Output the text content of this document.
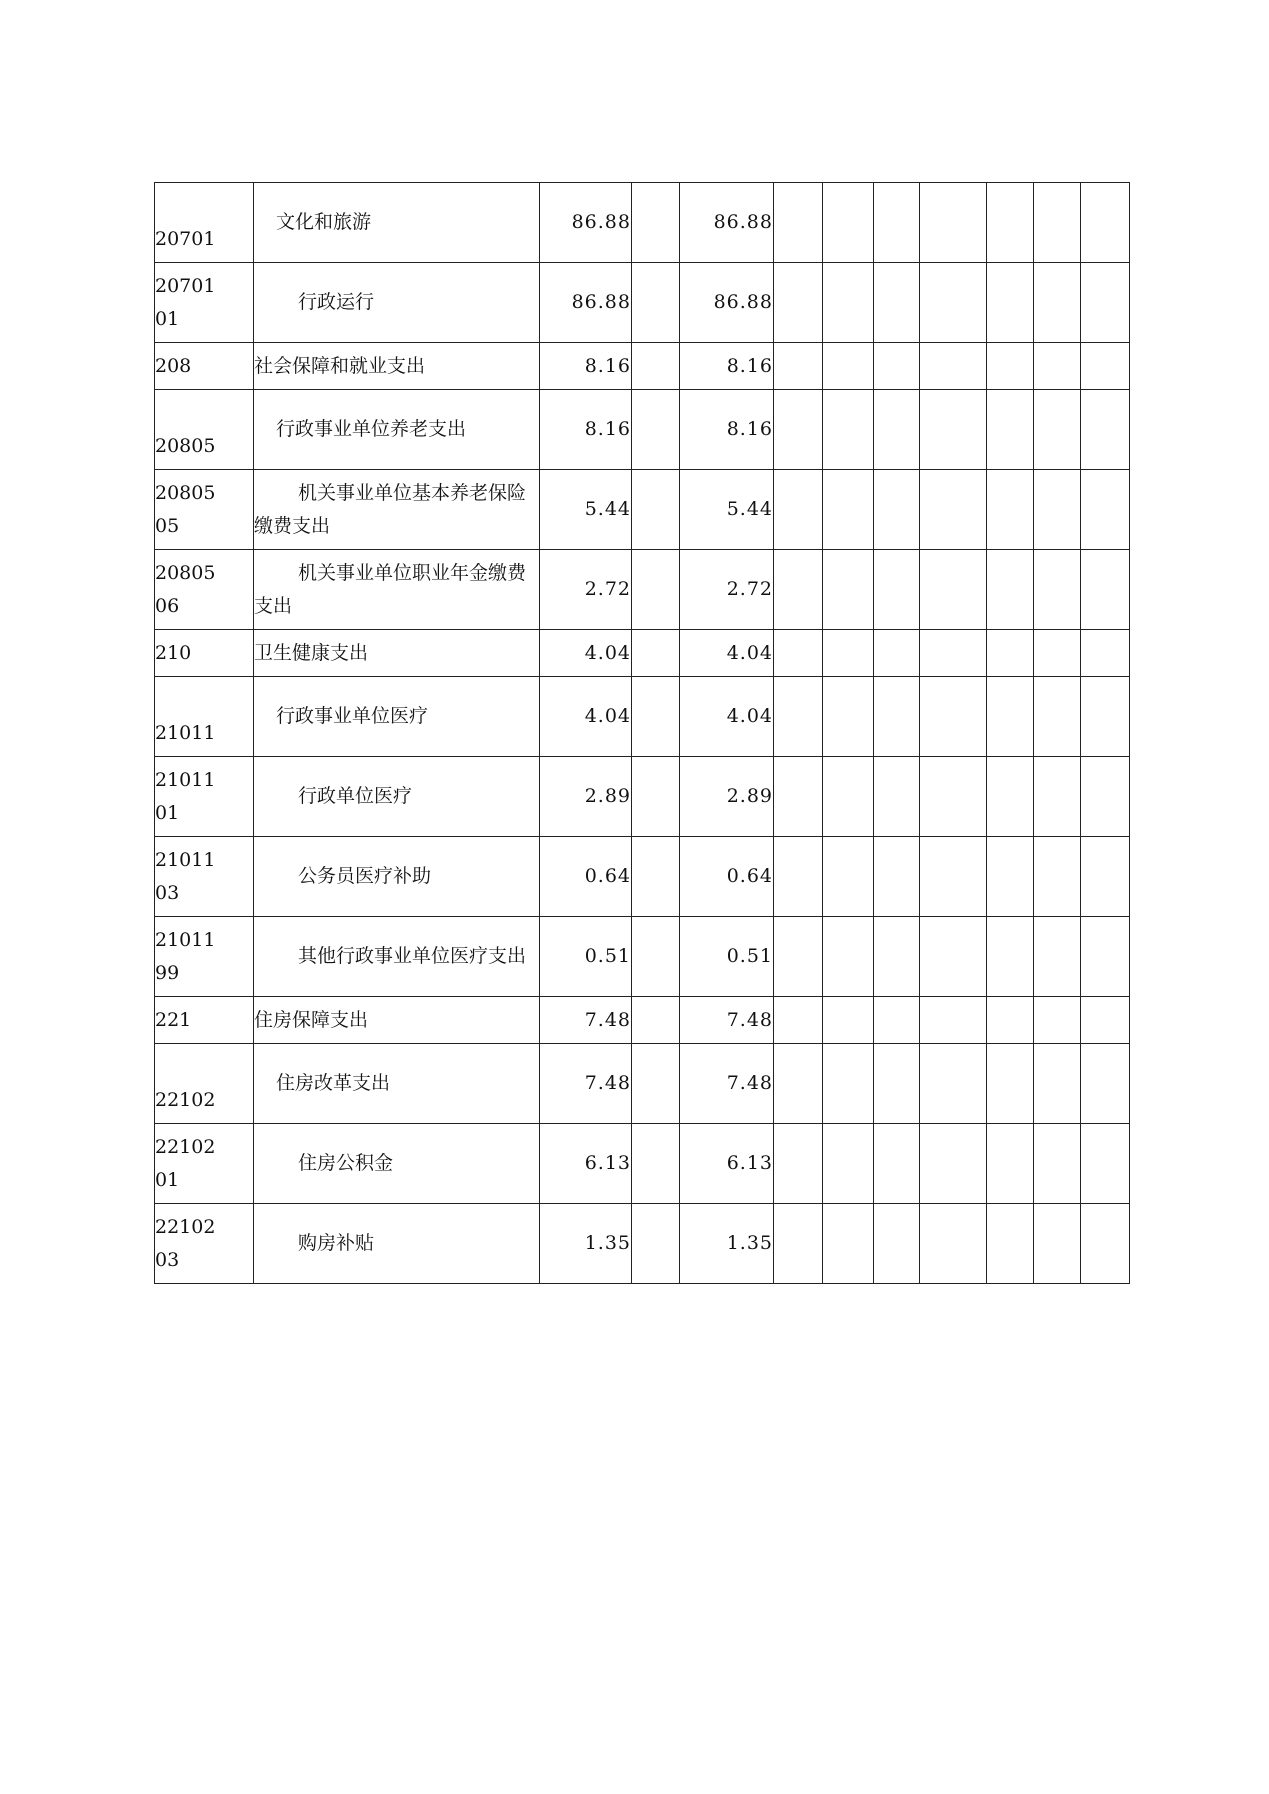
20701	文化和旅游	86.88		86.88							

2070101	行政运行	86.88		86.88							

208	社会保障和就业支出	8.16		8.16							

20805	行政事业单位养老支出	8.16		8.16							

2080505	机关事业单位基本养老保险缴费支出	5.44		5.44							

2080506	机关事业单位职业年金缴费支出	2.72		2.72							

210	卫生健康支出	4.04		4.04							

21011	行政事业单位医疗	4.04		4.04							

2101101	行政单位医疗	2.89		2.89							

2101103	公务员医疗补助	0.64		0.64							

2101199	其他行政事业单位医疗支出	0.51		0.51							

221	住房保障支出	7.48		7.48							

22102	住房改革支出	7.48		7.48							

2210201	住房公积金	6.13		6.13							

2210203	购房补贴	1.35		1.35							
